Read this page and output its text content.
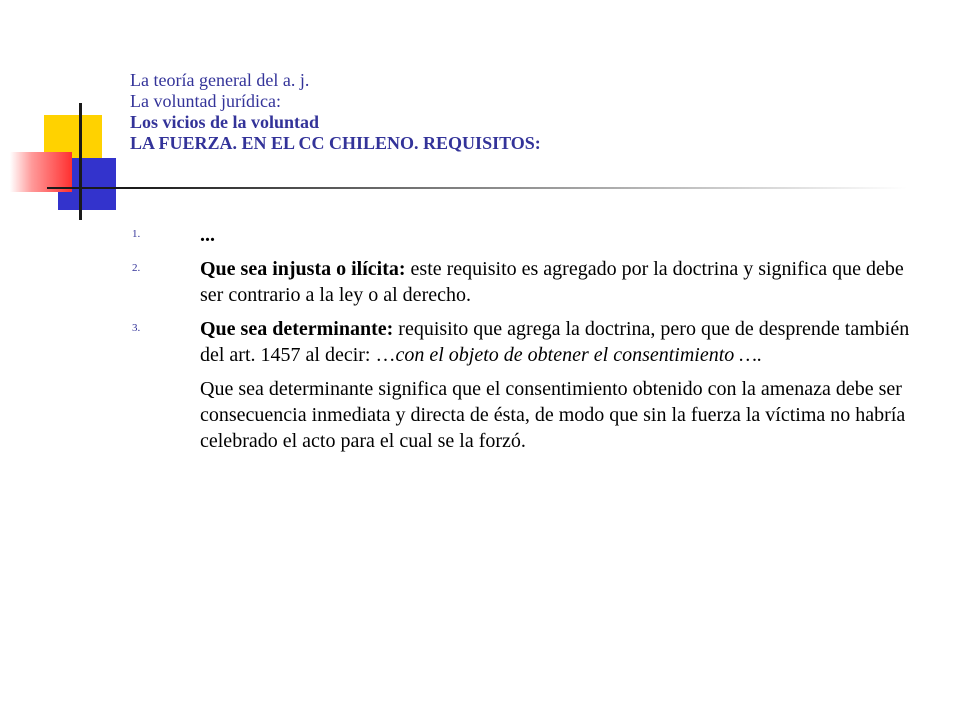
La teoría general del a. j.
La voluntad jurídica:
Los vicios de la voluntad
LA FUERZA. EN EL CC CHILENO. REQUISITOS:
1.	...

2.	Que sea injusta o ilícita: este requisito es agregado por la doctrina y significa que debe ser contrario a la ley o al derecho.

3.	Que sea determinante: requisito que agrega la doctrina, pero que de desprende también del art. 1457 al decir: …con el objeto de obtener el consentimiento ….

Que sea determinante significa que el consentimiento obtenido con la amenaza debe ser consecuencia inmediata y directa de ésta, de modo que sin la fuerza la víctima no habría celebrado el acto para el cual se la forzó.
